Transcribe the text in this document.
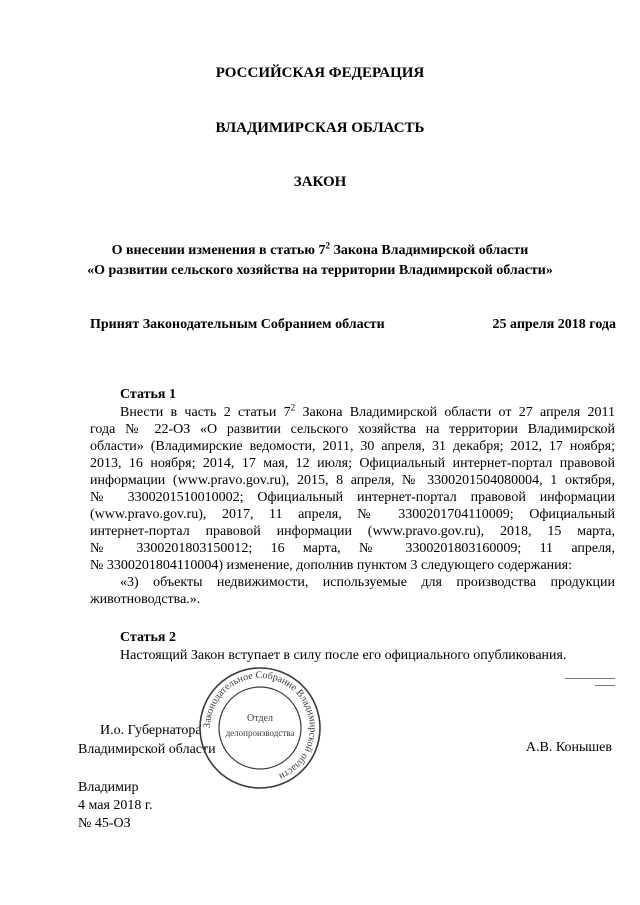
РОССИЙСКАЯ ФЕДЕРАЦИЯ
ВЛАДИМИРСКАЯ ОБЛАСТЬ
ЗАКОН
О внесении изменения в статью $7^2$ Закона Владимирской области
«О развитии сельского хозяйства на территории Владимирской области»
Принят Законодательным Собранием области	25 апреля 2018 года
Статья 1
Внести в часть 2 статьи $7^2$ Закона Владимирской области от 27 апреля 2011
года № 22-ОЗ «О развитии сельского хозяйства на территории Владимирской
области» (Владимирские ведомости, 2011, 30 апреля, 31 декабря; 2012, 17 ноября;
2013, 16 ноября; 2014, 17 мая, 12 июля; Официальный интернет-портал правовой
информации (www.pravo.gov.ru), 2015, 8 апреля, № 3300201504080004, 1 октября,
№ 3300201510010002; Официальный интернет-портал правовой информации
(www.pravo.gov.ru), 2017, 11 апреля, № 3300201704110009; Официальный
интернет-портал правовой информации (www.pravo.gov.ru), 2018, 15 марта,
№ 3300201803150012; 16 марта, № 3300201803160009; 11 апреля,
№ 3300201804110004) изменение, дополнив пунктом 3 следующего содержания:
«3) объекты недвижимости, используемые для производства продукции
животноводства.».
Статья 2
Настоящий Закон вступает в силу после его официального опубликования.
И.о. Губернатора
Владимирской области	А.В. Конышев
Законодательное Собрание Владимирской области
Отдел
делопроизводства
Владимир
4 мая 2018 г.
№ 45-ОЗ
